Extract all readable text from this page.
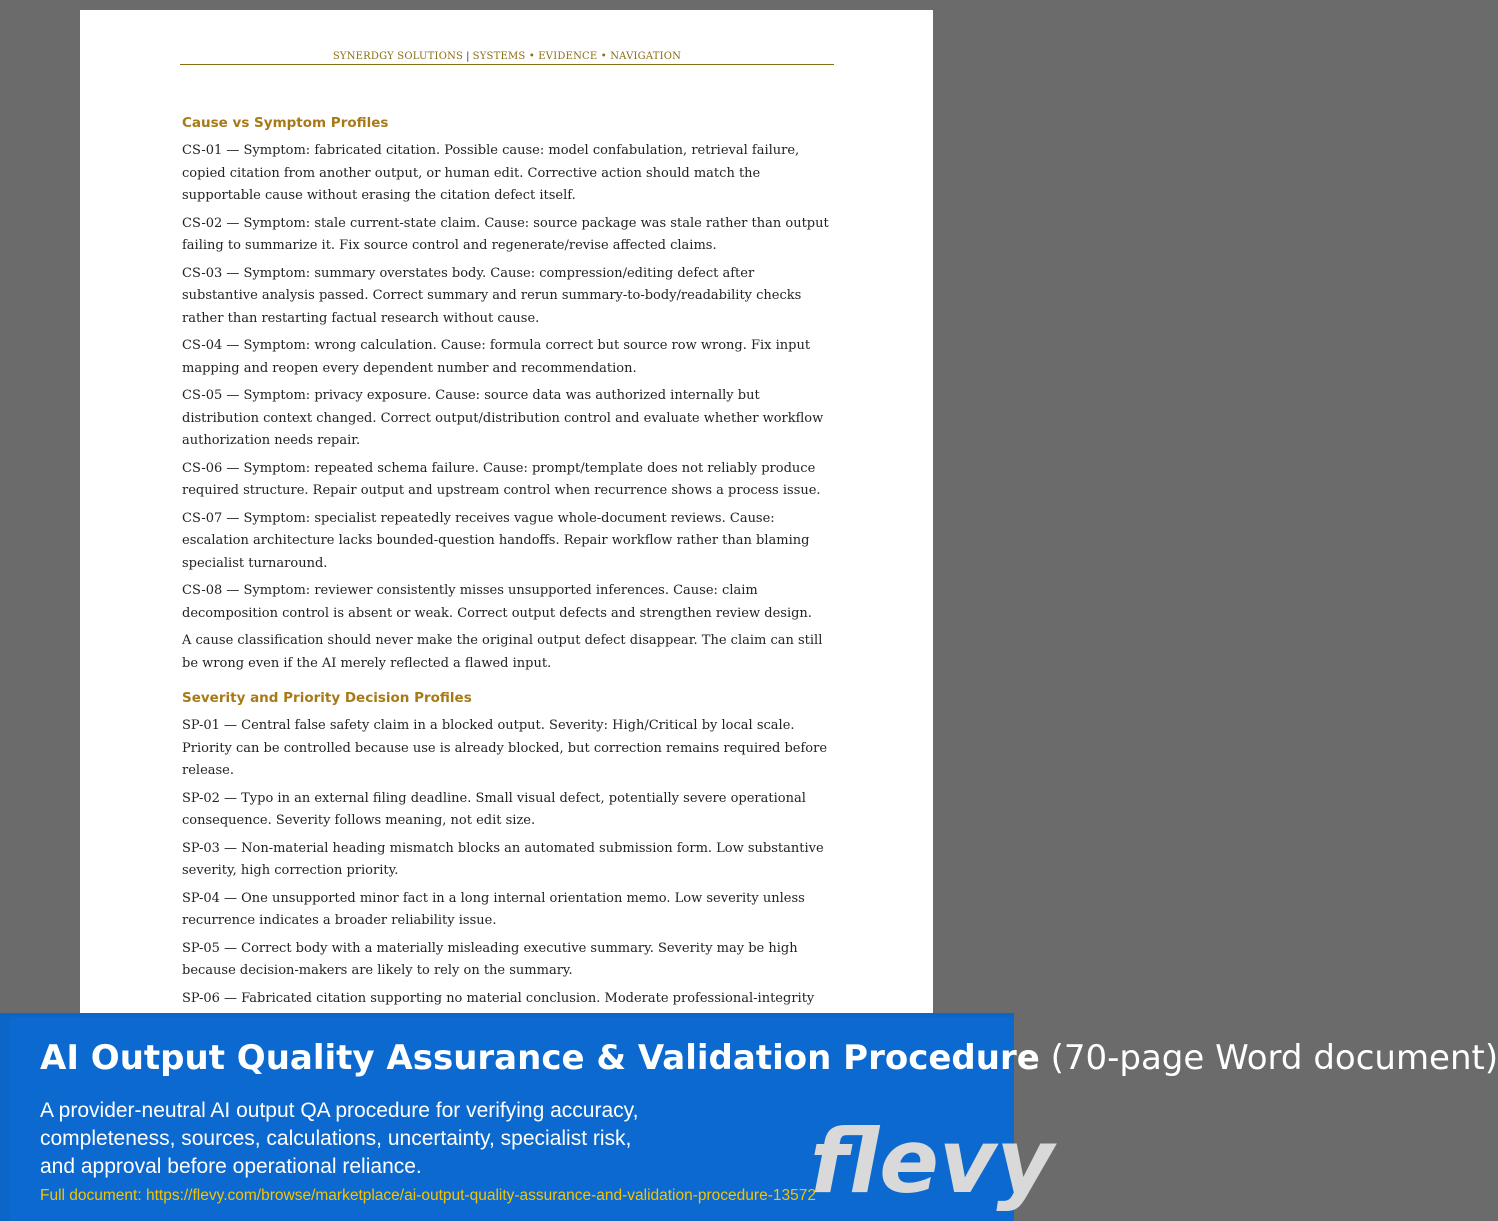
SYNERDGY SOLUTIONS | SYSTEMS • EVIDENCE • NAVIGATION
Cause vs Symptom Profiles

CS-01 — Symptom: fabricated citation. Possible cause: model confabulation, retrieval failure, copied citation from another output, or human edit. Corrective action should match the supportable cause without erasing the citation defect itself.

CS-02 — Symptom: stale current-state claim. Cause: source package was stale rather than output failing to summarize it. Fix source control and regenerate/revise affected claims.

CS-03 — Symptom: summary overstates body. Cause: compression/editing defect after substantive analysis passed. Correct summary and rerun summary-to-body/readability checks rather than restarting factual research without cause.

CS-04 — Symptom: wrong calculation. Cause: formula correct but source row wrong. Fix input mapping and reopen every dependent number and recommendation.

CS-05 — Symptom: privacy exposure. Cause: source data was authorized internally but distribution context changed. Correct output/distribution control and evaluate whether workflow authorization needs repair.

CS-06 — Symptom: repeated schema failure. Cause: prompt/template does not reliably produce required structure. Repair output and upstream control when recurrence shows a process issue.

CS-07 — Symptom: specialist repeatedly receives vague whole-document reviews. Cause: escalation architecture lacks bounded-question handoffs. Repair workflow rather than blaming specialist turnaround.

CS-08 — Symptom: reviewer consistently misses unsupported inferences. Cause: claim decomposition control is absent or weak. Correct output defects and strengthen review design.

A cause classification should never make the original output defect disappear. The claim can still be wrong even if the AI merely reflected a flawed input.

Severity and Priority Decision Profiles

SP-01 — Central false safety claim in a blocked output. Severity: High/Critical by local scale. Priority can be controlled because use is already blocked, but correction remains required before release.

SP-02 — Typo in an external filing deadline. Small visual defect, potentially severe operational consequence. Severity follows meaning, not edit size.

SP-03 — Non-material heading mismatch blocks an automated submission form. Low substantive severity, high correction priority.

SP-04 — One unsupported minor fact in a long internal orientation memo. Low severity unless recurrence indicates a broader reliability issue.

SP-05 — Correct body with a materially misleading executive summary. Severity may be high because decision-makers are likely to rely on the summary.

SP-06 — Fabricated citation supporting no material conclusion. Moderate professional-integrity

AI Output Quality Assurance & Validation Procedure (70-page Word document)
A provider-neutral AI output QA procedure for verifying accuracy, completeness, sources, calculations, uncertainty, specialist risk, and approval before operational reliance.
Full document: https://flevy.com/browse/marketplace/ai-output-quality-assurance-and-validation-procedure-13572
flevy
